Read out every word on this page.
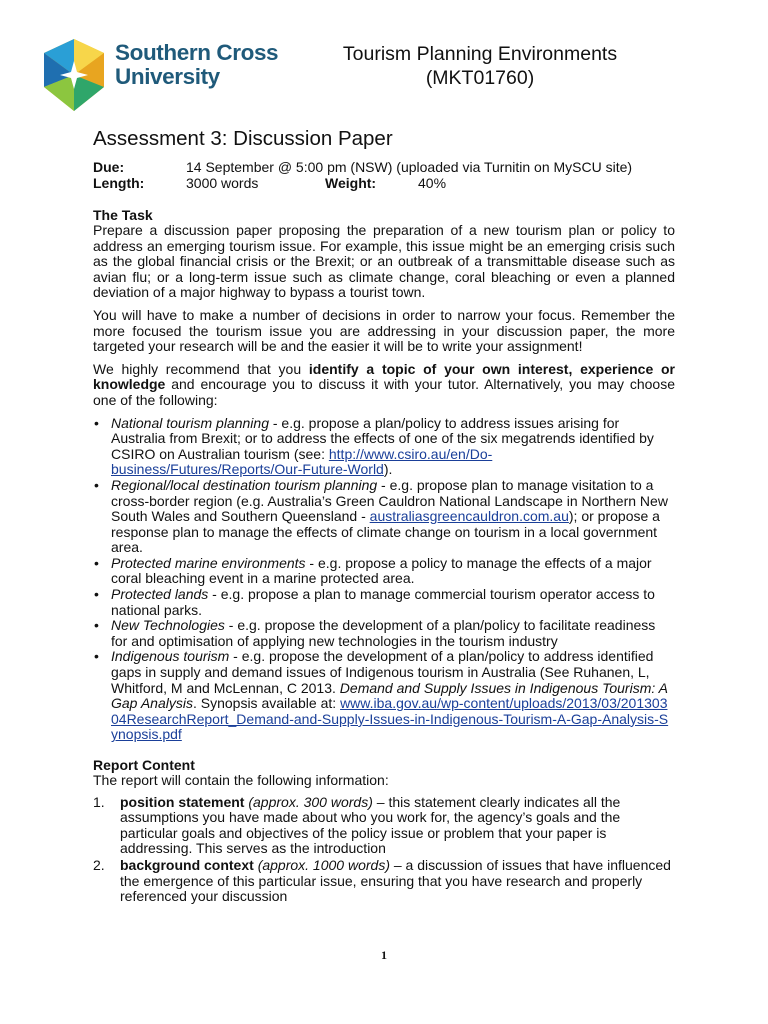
Southern Cross
University
Tourism Planning Environments
(MKT01760)
Assessment 3: Discussion Paper
Due:	14 September @ 5:00 pm (NSW) (uploaded via Turnitin on MySCU site)
Length:	3000 words	Weight:	40%
The Task

Prepare a discussion paper proposing the preparation of a new tourism plan or policy to address an emerging tourism issue. For example, this issue might be an emerging crisis such as the global financial crisis or the Brexit; or an outbreak of a transmittable disease such as avian flu; or a long-term issue such as climate change, coral bleaching or even a planned deviation of a major highway to bypass a tourist town.

You will have to make a number of decisions in order to narrow your focus. Remember the more focused the tourism issue you are addressing in your discussion paper, the more targeted your research will be and the easier it will be to write your assignment!

We highly recommend that you identify a topic of your own interest, experience or knowledge and encourage you to discuss it with your tutor. Alternatively, you may choose one of the following:

• National tourism planning - e.g. propose a plan/policy to address issues arising for Australia from Brexit; or to address the effects of one of the six megatrends identified by CSIRO on Australian tourism (see: http://www.csiro.au/en/Do-business/Futures/Reports/Our-Future-World).
• Regional/local destination tourism planning - e.g. propose plan to manage visitation to a cross-border region (e.g. Australia’s Green Cauldron National Landscape in Northern New South Wales and Southern Queensland - australiasgreencauldron.com.au); or propose a response plan to manage the effects of climate change on tourism in a local government area.
• Protected marine environments - e.g. propose a policy to manage the effects of a major coral bleaching event in a marine protected area.
• Protected lands - e.g. propose a plan to manage commercial tourism operator access to national parks.
• New Technologies - e.g. propose the development of a plan/policy to facilitate readiness for and optimisation of applying new technologies in the tourism industry
• Indigenous tourism - e.g. propose the development of a plan/policy to address identified gaps in supply and demand issues of Indigenous tourism in Australia (See Ruhanen, L, Whitford, M and McLennan, C 2013. Demand and Supply Issues in Indigenous Tourism: A Gap Analysis. Synopsis available at: www.iba.gov.au/wp-content/uploads/2013/03/20130304ResearchReport_Demand-and-Supply-Issues-in-Indigenous-Tourism-A-Gap-Analysis-Synopsis.pdf
Report Content

The report will contain the following information:

1. position statement (approx. 300 words) – this statement clearly indicates all the assumptions you have made about who you work for, the agency’s goals and the particular goals and objectives of the policy issue or problem that your paper is addressing. This serves as the introduction
2. background context (approx. 1000 words) – a discussion of issues that have influenced the emergence of this particular issue, ensuring that you have research and properly referenced your discussion
1
